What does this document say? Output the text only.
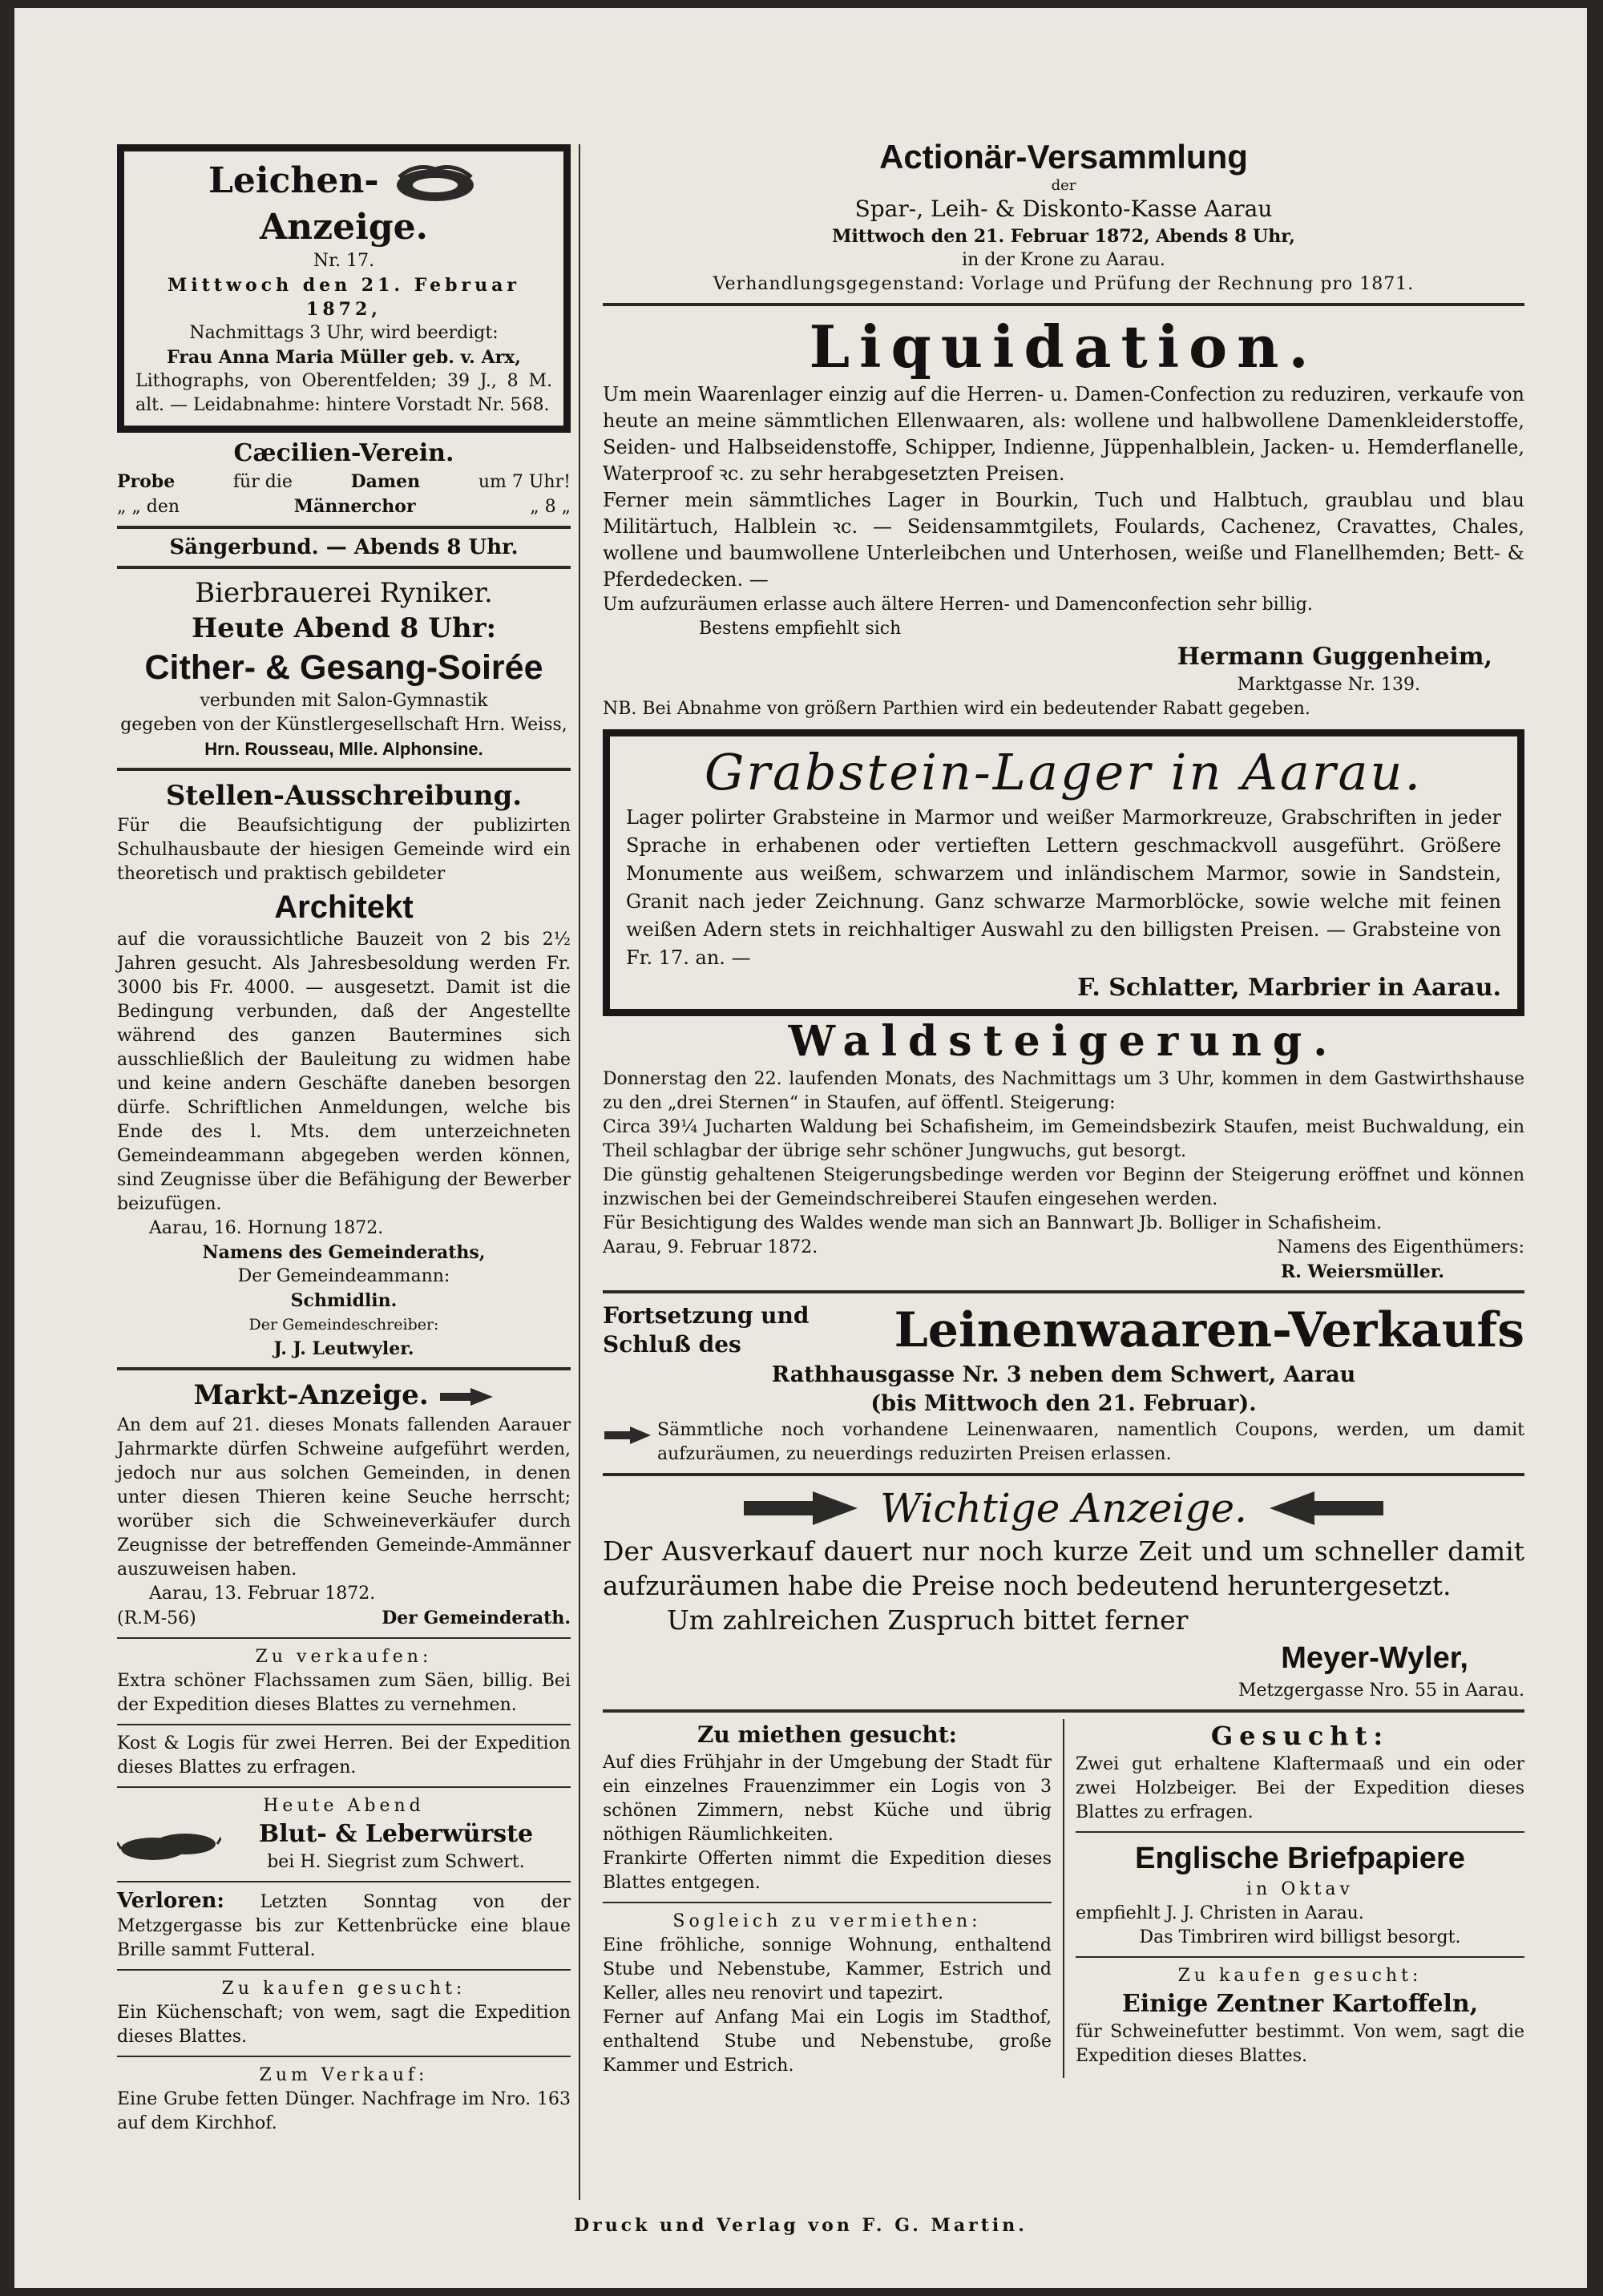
Leichen-  Anzeige.
Nr. 17.
Mittwoch den 21. Februar 1872,
Nachmittags 3 Uhr, wird beerdigt:
Frau Anna Maria Müller geb. v. Arx,
Lithographs, von Oberentfelden; 39 J., 8 M. alt. — Leidabnahme: hintere Vorstadt Nr. 568.
Cæcilien-Verein.
Probe	für die	Damen	um 7 Uhr!
„ „ den	Männerchor	„ 8 „
Sängerbund. — Abends 8 Uhr.
Bierbrauerei Ryniker.
Heute Abend 8 Uhr:
Cither- & Gesang-Soirée
verbunden mit Salon-Gymnastik
gegeben von der Künstlergesellschaft Hrn. Weiss,
Hrn. Rousseau, Mlle. Alphonsine.
Stellen-Ausschreibung.
Für die Beaufsichtigung der publizirten Schulhausbaute der hiesigen Gemeinde wird ein theoretisch und praktisch gebildeter
Architekt
auf die voraussichtliche Bauzeit von 2 bis 2½ Jahren gesucht. Als Jahresbesoldung werden Fr. 3000 bis Fr. 4000. — ausgesetzt. Damit ist die Bedingung verbunden, daß der Angestellte während des ganzen Bautermines sich ausschließlich der Bauleitung zu widmen habe und keine andern Geschäfte daneben besorgen dürfe. Schriftlichen Anmeldungen, welche bis Ende des l. Mts. dem unterzeichneten Gemeindeammann abgegeben werden können, sind Zeugnisse über die Befähigung der Bewerber beizufügen.
Aarau, 16. Hornung 1872.
Namens des Gemeinderaths,
Der Gemeindeammann:
Schmidlin.
Der Gemeindeschreiber:
J. J. Leutwyler.
Markt-Anzeige.
An dem auf 21. dieses Monats fallenden Aarauer Jahrmarkte dürfen Schweine aufgeführt werden, jedoch nur aus solchen Gemeinden, in denen unter diesen Thieren keine Seuche herrscht; worüber sich die Schweineverkäufer durch Zeugnisse der betreffenden Gemeinde-Ammänner auszuweisen haben.
Aarau, 13. Februar 1872.
(R.M-56)	Der Gemeinderath.
Zu verkaufen:
Extra schöner Flachssamen zum Säen, billig. Bei der Expedition dieses Blattes zu vernehmen.
Kost & Logis für zwei Herren. Bei der Expedition dieses Blattes zu erfragen.
Heute Abend
Blut- & Leberwürste
bei H. Siegrist zum Schwert.
Verloren: Letzten Sonntag von der Metzgergasse bis zur Kettenbrücke eine blaue Brille sammt Futteral.
Zu kaufen gesucht:
Ein Küchenschaft; von wem, sagt die Expedition dieses Blattes.
Zum Verkauf:
Eine Grube fetten Dünger. Nachfrage im Nro. 163 auf dem Kirchhof.
Actionär-Versammlung
der
Spar-, Leih- & Diskonto-Kasse Aarau
Mittwoch den 21. Februar 1872, Abends 8 Uhr,
in der Krone zu Aarau.
Verhandlungsgegenstand: Vorlage und Prüfung der Rechnung pro 1871.
Liquidation.
Um mein Waarenlager einzig auf die Herren- u. Damen-Confection zu reduziren, verkaufe von heute an meine sämmtlichen Ellenwaaren, als: wollene und halbwollene Damenkleiderstoffe, Seiden- und Halbseidenstoffe, Schipper, Indienne, Jüppenhalblein, Jacken- u. Hemderflanelle, Waterproof ꝛc. zu sehr herabgesetzten Preisen.
Ferner mein sämmtliches Lager in Bourkin, Tuch und Halbtuch, graublau und blau Militärtuch, Halblein ꝛc. — Seidensammtgilets, Foulards, Cachenez, Cravattes, Chales, wollene und baumwollene Unterleibchen und Unterhosen, weiße und Flanellhemden; Bett- & Pferdedecken. —
Um aufzuräumen erlasse auch ältere Herren- und Damenconfection sehr billig.
Bestens empfiehlt sich
Hermann Guggenheim,
Marktgasse Nr. 139.
NB. Bei Abnahme von größern Parthien wird ein bedeutender Rabatt gegeben.
Grabstein-Lager in Aarau.
Lager polirter Grabsteine in Marmor und weißer Marmorkreuze, Grabschriften in jeder Sprache in erhabenen oder vertieften Lettern geschmackvoll ausgeführt. Größere Monumente aus weißem, schwarzem und inländischem Marmor, sowie in Sandstein, Granit nach jeder Zeichnung. Ganz schwarze Marmorblöcke, sowie welche mit feinen weißen Adern stets in reichhaltiger Auswahl zu den billigsten Preisen. — Grabsteine von Fr. 17. an. —
F. Schlatter, Marbrier in Aarau.
Waldsteigerung.
Donnerstag den 22. laufenden Monats, des Nachmittags um 3 Uhr, kommen in dem Gastwirthshause zu den „drei Sternen“ in Staufen, auf öffentl. Steigerung:
Circa 39¼ Jucharten Waldung bei Schafisheim, im Gemeindsbezirk Staufen, meist Buchwaldung, ein Theil schlagbar der übrige sehr schöner Jungwuchs, gut besorgt.
Die günstig gehaltenen Steigerungsbedinge werden vor Beginn der Steigerung eröffnet und können inzwischen bei der Gemeindschreiberei Staufen eingesehen werden.
Für Besichtigung des Waldes wende man sich an Bannwart Jb. Bolliger in Schafisheim.
Aarau, 9. Februar 1872.	Namens des Eigenthümers:
R. Weiersmüller.
Fortsetzung und
Schluß des	Leinenwaaren-Verkaufs
Rathhausgasse Nr. 3 neben dem Schwert, Aarau
(bis Mittwoch den 21. Februar).
Sämmtliche noch vorhandene Leinenwaaren, namentlich Coupons, werden, um damit aufzuräumen, zu neuerdings reduzirten Preisen erlassen.
Wichtige Anzeige.
Der Ausverkauf dauert nur noch kurze Zeit und um schneller damit aufzuräumen habe die Preise noch bedeutend heruntergesetzt.
Um zahlreichen Zuspruch bittet ferner
Meyer-Wyler,
Metzgergasse Nro. 55 in Aarau.
Zu miethen gesucht:
Auf dies Frühjahr in der Umgebung der Stadt für ein einzelnes Frauenzimmer ein Logis von 3 schönen Zimmern, nebst Küche und übrig nöthigen Räumlichkeiten.
Frankirte Offerten nimmt die Expedition dieses Blattes entgegen.
Sogleich zu vermiethen:
Eine fröhliche, sonnige Wohnung, enthaltend Stube und Nebenstube, Kammer, Estrich und Keller, alles neu renovirt und tapezirt.
Ferner auf Anfang Mai ein Logis im Stadthof, enthaltend Stube und Nebenstube, große Kammer und Estrich.
Gesucht:
Zwei gut erhaltene Klaftermaaß und ein oder zwei Holzbeiger. Bei der Expedition dieses Blattes zu erfragen.
Englische Briefpapiere
in Oktav
empfiehlt J. J. Christen in Aarau.
Das Timbriren wird billigst besorgt.
Zu kaufen gesucht:
Einige Zentner Kartoffeln,
für Schweinefutter bestimmt. Von wem, sagt die Expedition dieses Blattes.
Druck und Verlag von F. G. Martin.
